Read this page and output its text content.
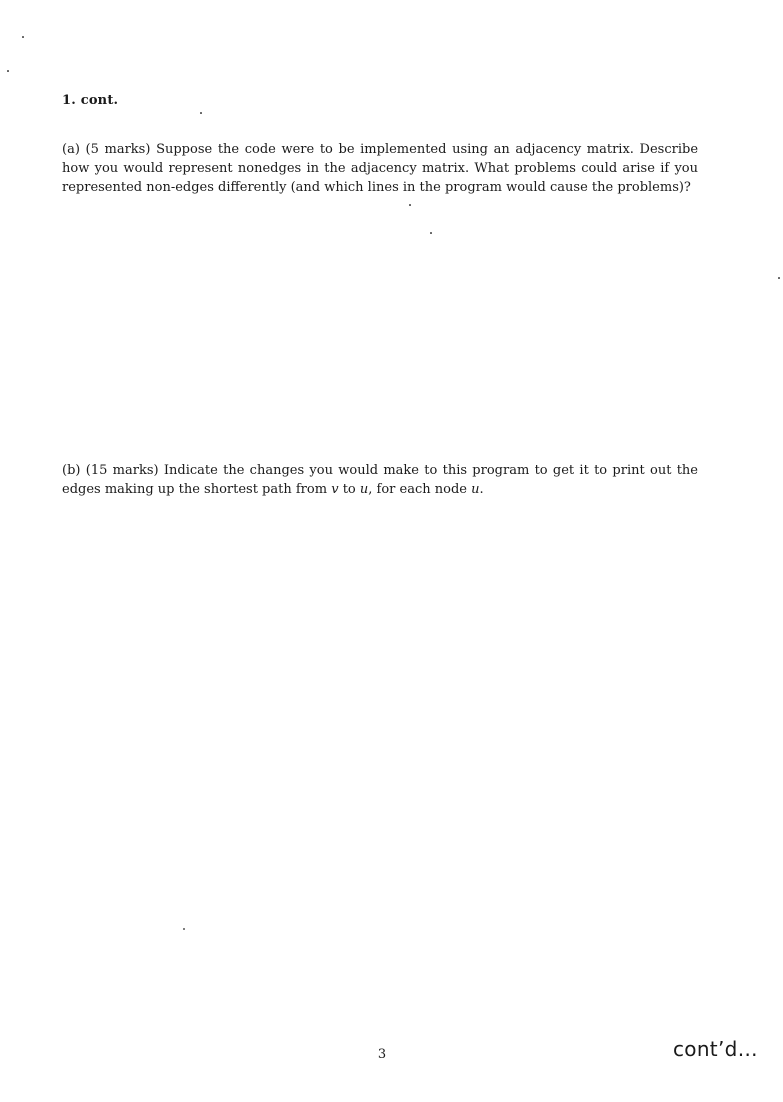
1. cont.
(a) (5 marks) Suppose the code were to be implemented using an adjacency matrix. Describe how you would represent nonedges in the adjacency matrix. What problems could arise if you represented non-edges differently (and which lines in the program would cause the problems)?
(b) (15 marks) Indicate the changes you would make to this program to get it to print out the edges making up the shortest path from v to u, for each node u.
3	cont’d…
